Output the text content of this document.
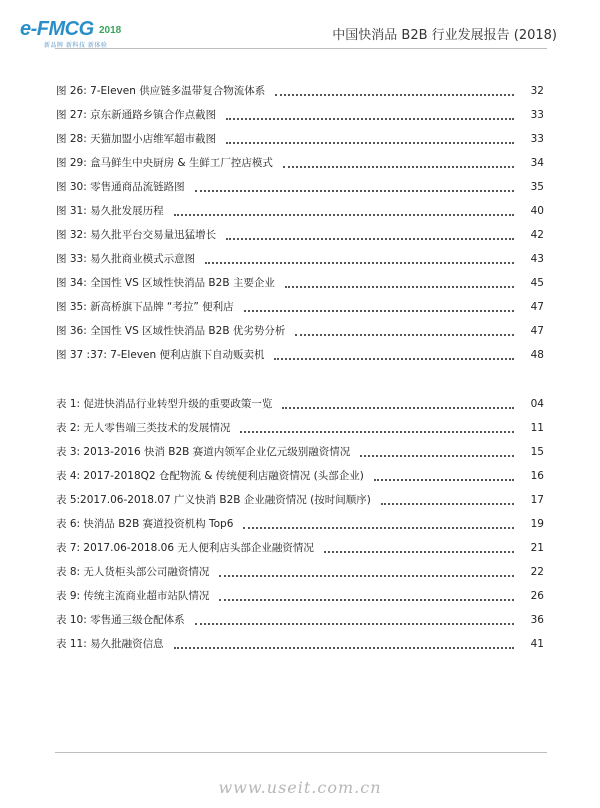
e-FMCG 2018
新品牌 新科技 新体验
中国快消品 B2B 行业发展报告 (2018)
图 26: 7-Eleven 供应链多温带复合物流体系	32
图 27: 京东新通路乡镇合作点截图	33
图 28: 天猫加盟小店维军超市截图	33
图 29: 盒马鲜生中央厨房 & 生鲜工厂控店模式	34
图 30: 零售通商品流链路图	35
图 31: 易久批发展历程	40
图 32: 易久批平台交易量迅猛增长	42
图 33: 易久批商业模式示意图	43
图 34: 全国性 VS 区域性快消品 B2B 主要企业	45
图 35: 新高桥旗下品牌 “考拉” 便利店	47
图 36: 全国性 VS 区域性快消品 B2B 优劣势分析	47
图 37 :37: 7-Eleven 便利店旗下自动贩卖机	48
表 1: 促进快消品行业转型升级的重要政策一览	04
表 2: 无人零售端三类技术的发展情况	11
表 3: 2013-2016 快消 B2B 赛道内领军企业亿元级别融资情况	15
表 4: 2017-2018Q2 仓配物流 & 传统便利店融资情况 (头部企业)	16
表 5:2017.06-2018.07 广义快消 B2B 企业融资情况 (按时间顺序)	17
表 6: 快消品 B2B 赛道投资机构 Top6	19
表 7: 2017.06-2018.06 无人便利店头部企业融资情况	21
表 8: 无人货柜头部公司融资情况	22
表 9: 传统主流商业超市站队情况	26
表 10: 零售通三级仓配体系	36
表 11: 易久批融资信息	41
www.useit.com.cn
